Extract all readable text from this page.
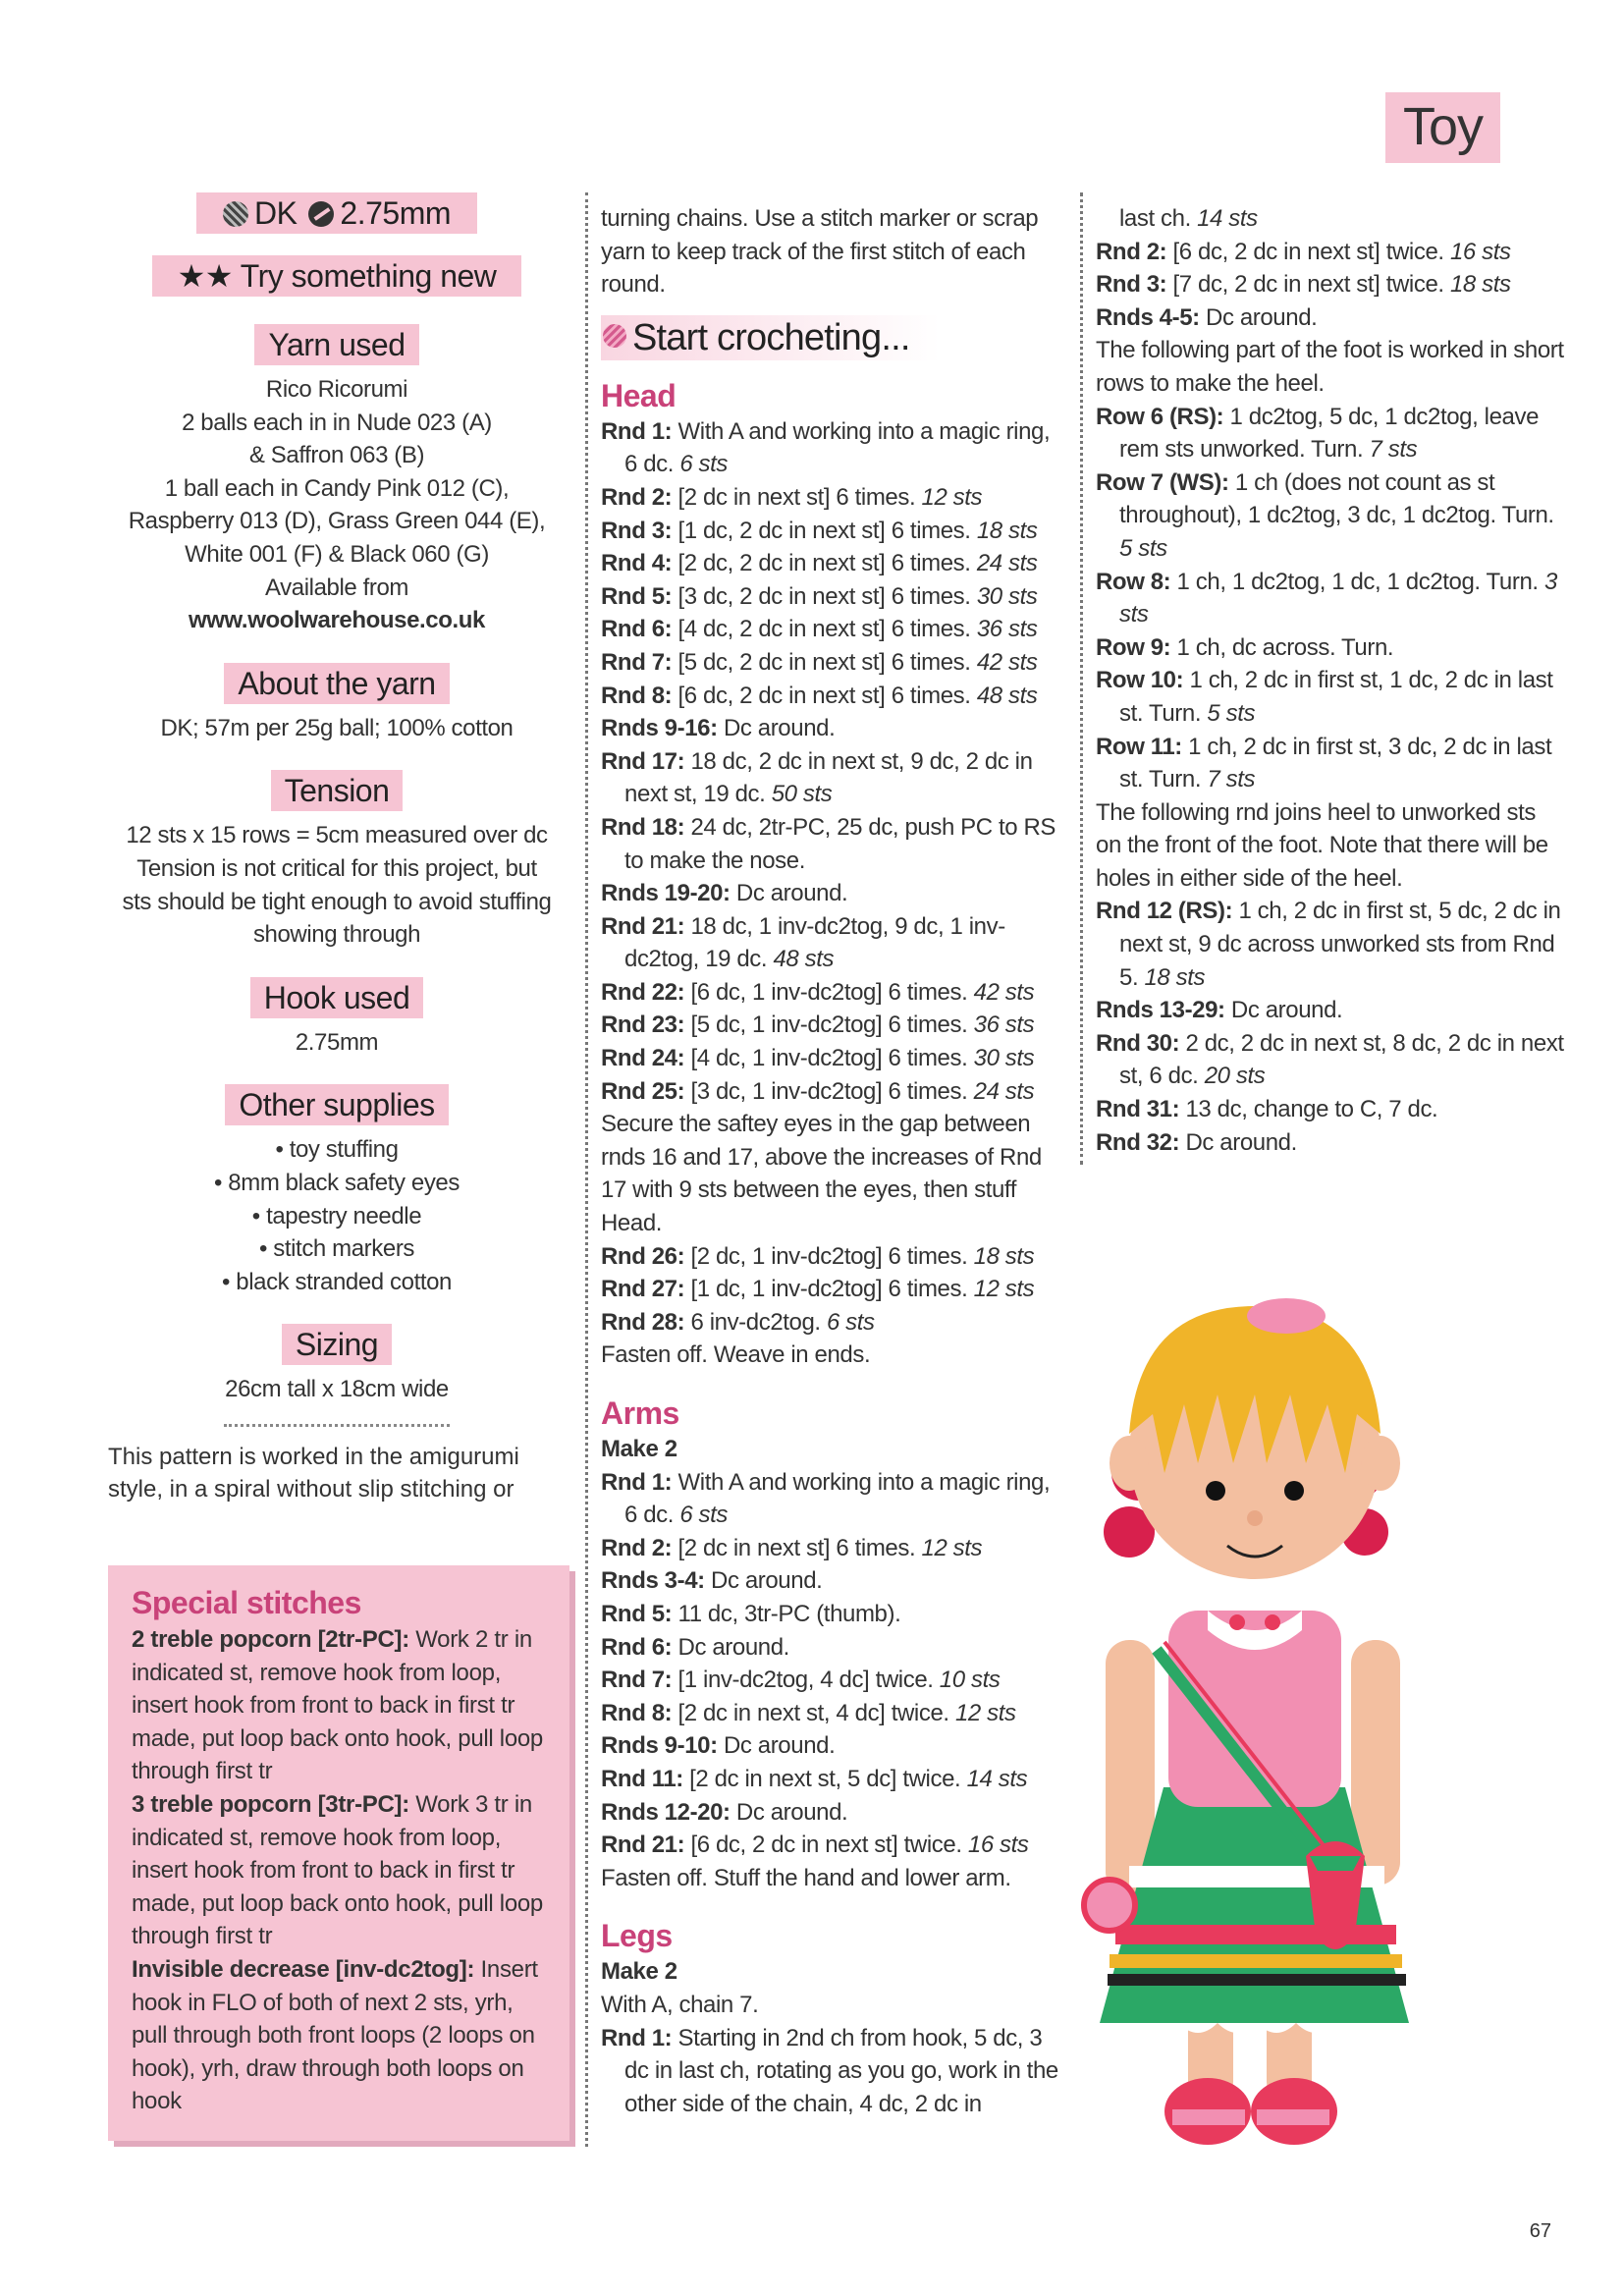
Toy
DK 2.75mm
★★ Try something new
Yarn used

Rico Ricorumi

2 balls each in in Nude 023 (A)

& Saffron 063 (B)

1 ball each in Candy Pink 012 (C),

Raspberry 013 (D), Grass Green 044 (E),

White 001 (F) & Black 060 (G)

Available from

www.woolwarehouse.co.uk

About the yarn

DK; 57m per 25g ball; 100% cotton

Tension

12 sts x 15 rows = 5cm measured over dc

Tension is not critical for this project, but

sts should be tight enough to avoid stuffing

showing through

Hook used

2.75mm

Other supplies

• toy stuffing

• 8mm black safety eyes

• tapestry needle

• stitch markers

• black stranded cotton

Sizing

26cm tall x 18cm wide

This pattern is worked in the amigurumi style, in a spiral without slip stitching or

Special stitches

2 treble popcorn [2tr-PC]: Work 2 tr in indicated st, remove hook from loop, insert hook from front to back in first tr made, put loop back onto hook, pull loop through first tr

3 treble popcorn [3tr-PC]: Work 3 tr in indicated st, remove hook from loop, insert hook from front to back in first tr made, put loop back onto hook, pull loop through first tr

Invisible decrease [inv-dc2tog]: Insert hook in FLO of both of next 2 sts, yrh, pull through both front loops (2 loops on hook), yrh, draw through both loops on hook

turning chains. Use a stitch marker or scrap yarn to keep track of the first stitch of each round.

Start crocheting...
Head

Rnd 1: With A and working into a magic ring, 6 dc. 6 sts

Rnd 2: [2 dc in next st] 6 times. 12 sts

Rnd 3: [1 dc, 2 dc in next st] 6 times. 18 sts

Rnd 4: [2 dc, 2 dc in next st] 6 times. 24 sts

Rnd 5: [3 dc, 2 dc in next st] 6 times. 30 sts

Rnd 6: [4 dc, 2 dc in next st] 6 times. 36 sts

Rnd 7: [5 dc, 2 dc in next st] 6 times. 42 sts

Rnd 8: [6 dc, 2 dc in next st] 6 times. 48 sts

Rnds 9-16: Dc around.

Rnd 17: 18 dc, 2 dc in next st, 9 dc, 2 dc in next st, 19 dc. 50 sts

Rnd 18: 24 dc, 2tr-PC, 25 dc, push PC to RS to make the nose.

Rnds 19-20: Dc around.

Rnd 21: 18 dc, 1 inv-dc2tog, 9 dc, 1 inv-dc2tog, 19 dc. 48 sts

Rnd 22: [6 dc, 1 inv-dc2tog] 6 times. 42 sts

Rnd 23: [5 dc, 1 inv-dc2tog] 6 times. 36 sts

Rnd 24: [4 dc, 1 inv-dc2tog] 6 times. 30 sts

Rnd 25: [3 dc, 1 inv-dc2tog] 6 times. 24 sts

Secure the saftey eyes in the gap between rnds 16 and 17, above the increases of Rnd 17 with 9 sts between the eyes, then stuff Head.

Rnd 26: [2 dc, 1 inv-dc2tog] 6 times. 18 sts

Rnd 27: [1 dc, 1 inv-dc2tog] 6 times. 12 sts

Rnd 28: 6 inv-dc2tog. 6 sts

Fasten off. Weave in ends.

Arms

Make 2

Rnd 1: With A and working into a magic ring, 6 dc. 6 sts

Rnd 2: [2 dc in next st] 6 times. 12 sts

Rnds 3-4: Dc around.

Rnd 5: 11 dc, 3tr-PC (thumb).

Rnd 6: Dc around.

Rnd 7: [1 inv-dc2tog, 4 dc] twice. 10 sts

Rnd 8: [2 dc in next st, 4 dc] twice. 12 sts

Rnds 9-10: Dc around.

Rnd 11: [2 dc in next st, 5 dc] twice. 14 sts

Rnds 12-20: Dc around.

Rnd 21: [6 dc, 2 dc in next st] twice. 16 sts

Fasten off. Stuff the hand and lower arm.

Legs

Make 2

With A, chain 7.

Rnd 1: Starting in 2nd ch from hook, 5 dc, 3 dc in last ch, rotating as you go, work in the other side of the chain, 4 dc, 2 dc in

last ch. 14 sts

Rnd 2: [6 dc, 2 dc in next st] twice. 16 sts

Rnd 3: [7 dc, 2 dc in next st] twice. 18 sts

Rnds 4-5: Dc around.

The following part of the foot is worked in short rows to make the heel.

Row 6 (RS): 1 dc2tog, 5 dc, 1 dc2tog, leave rem sts unworked. Turn. 7 sts

Row 7 (WS): 1 ch (does not count as st throughout), 1 dc2tog, 3 dc, 1 dc2tog. Turn. 5 sts

Row 8: 1 ch, 1 dc2tog, 1 dc, 1 dc2tog. Turn. 3 sts

Row 9: 1 ch, dc across. Turn.

Row 10: 1 ch, 2 dc in first st, 1 dc, 2 dc in last st. Turn. 5 sts

Row 11: 1 ch, 2 dc in first st, 3 dc, 2 dc in last st. Turn. 7 sts

The following rnd joins heel to unworked sts on the front of the foot. Note that there will be holes in either side of the heel.

Rnd 12 (RS): 1 ch, 2 dc in first st, 5 dc, 2 dc in next st, 9 dc across unworked sts from Rnd 5. 18 sts

Rnds 13-29: Dc around.

Rnd 30: 2 dc, 2 dc in next st, 8 dc, 2 dc in next st, 6 dc. 20 sts

Rnd 31: 13 dc, change to C, 7 dc.

Rnd 32: Dc around.

67
